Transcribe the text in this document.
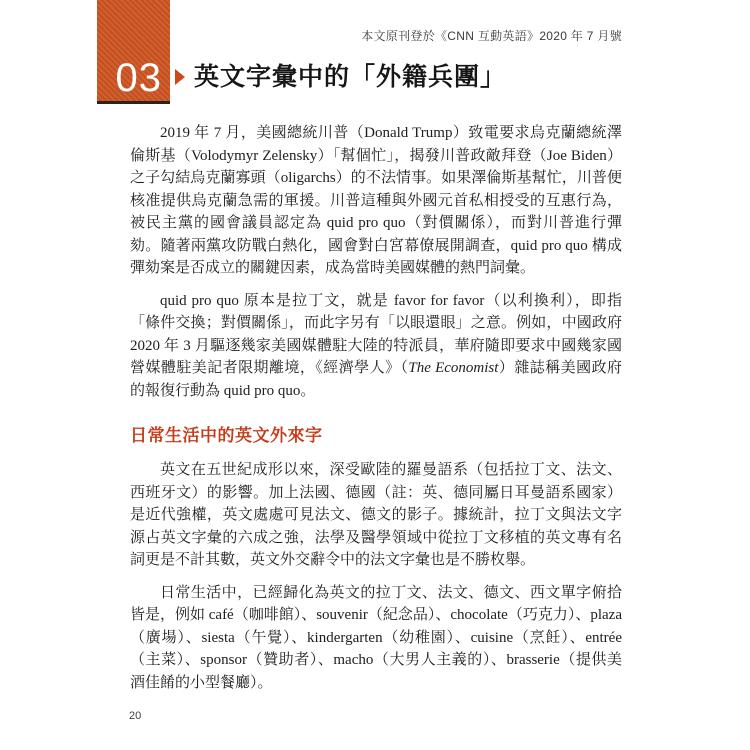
03
本文原刊登於《CNN 互動英語》2020 年 7 月號
英文字彙中的「外籍兵團」

2019 年 7 月，美國總統川普（Donald Trump）致電要求烏克蘭總統澤倫斯基（Volodymyr Zelensky）「幫個忙」，揭發川普政敵拜登（Joe Biden）之子勾結烏克蘭寡頭（oligarchs）的不法情事。如果澤倫斯基幫忙，川普便核准提供烏克蘭急需的軍援。川普這種與外國元首私相授受的互惠行為，被民主黨的國會議員認定為 quid pro quo（對價關係），而對川普進行彈劾。隨著兩黨攻防戰白熱化，國會對白宮幕僚展開調查，quid pro quo 構成彈劾案是否成立的關鍵因素，成為當時美國媒體的熱門詞彙。

quid pro quo 原本是拉丁文，就是 favor for favor（以利換利），即指「條件交換；對價關係」，而此字另有「以眼還眼」之意。例如，中國政府 2020 年 3 月驅逐幾家美國媒體駐大陸的特派員，華府隨即要求中國幾家國營媒體駐美記者限期離境，《經濟學人》（The Economist）雜誌稱美國政府的報復行動為 quid pro quo。

日常生活中的英文外來字

英文在五世紀成形以來，深受歐陸的羅曼語系（包括拉丁文、法文、西班牙文）的影響。加上法國、德國（註：英、德同屬日耳曼語系國家）是近代強權，英文處處可見法文、德文的影子。據統計，拉丁文與法文字源占英文字彙的六成之強，法學及醫學領域中從拉丁文移植的英文專有名詞更是不計其數，英文外交辭令中的法文字彙也是不勝枚舉。

日常生活中，已經歸化為英文的拉丁文、法文、德文、西文單字俯拾皆是，例如 café（咖啡館）、souvenir（紀念品）、chocolate（巧克力）、plaza（廣場）、siesta（午覺）、kindergarten（幼稚園）、cuisine（烹飪）、entrée（主菜）、sponsor（贊助者）、macho（大男人主義的）、brasserie（提供美酒佳餚的小型餐廳）。

20
